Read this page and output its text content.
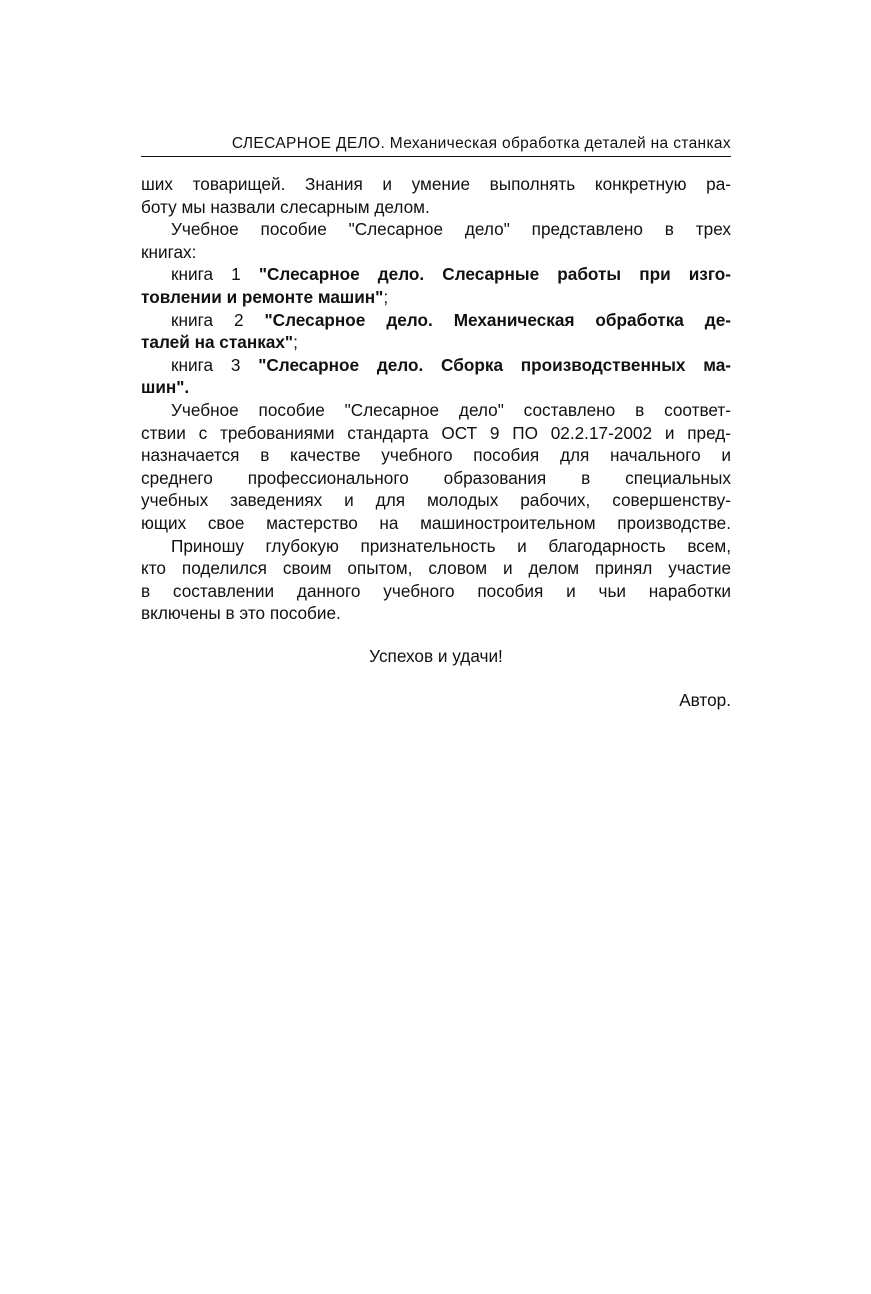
СЛЕСАРНОЕ ДЕЛО. Механическая обработка деталей на станках
ших товарищей. Знания и умение выполнять конкретную ра-
боту мы назвали слесарным делом.
Учебное пособие "Слесарное дело" представлено в трех
книгах:
книга 1 "Слесарное дело. Слесарные работы при изго-
товлении и ремонте машин";
книга 2 "Слесарное дело. Механическая обработка де-
талей на станках";
книга 3 "Слесарное дело. Сборка производственных ма-
шин".
Учебное пособие "Слесарное дело" составлено в соответ-
ствии с требованиями стандарта ОСТ 9 ПО 02.2.17-2002 и пред-
назначается в качестве учебного пособия для начального и
среднего профессионального образования в специальных
учебных заведениях и для молодых рабочих, совершенству-
ющих свое мастерство на машиностроительном производстве.
Приношу глубокую признательность и благодарность всем,
кто поделился своим опытом, словом и делом принял участие
в составлении данного учебного пособия и чьи наработки
включены в это пособие.
Успехов и удачи!
Автор.
